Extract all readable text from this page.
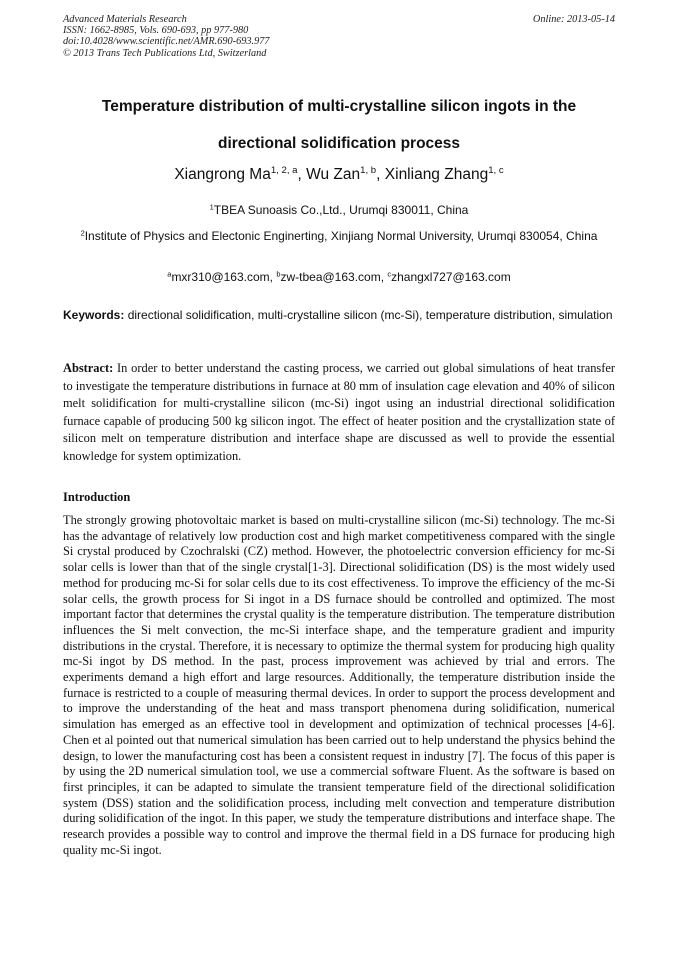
Advanced Materials Research
ISSN: 1662-8985, Vols. 690-693, pp 977-980
doi:10.4028/www.scientific.net/AMR.690-693.977
© 2013 Trans Tech Publications Ltd, Switzerland
Online: 2013-05-14
Temperature distribution of multi-crystalline silicon ingots in the directional solidification process
Xiangrong Ma$^{1, 2, a}$, Wu Zan$^{1, b}$, Xinliang Zhang$^{1, c}$
$^1$TBEA Sunoasis Co.,Ltd., Urumqi 830011, China
$^2$Institute of Physics and Electonic Enginerting, Xinjiang Normal University, Urumqi 830054, China
$^a$mxr310@163.com, $^b$zw-tbea@163.com, $^c$zhangxl727@163.com
Keywords: directional solidification, multi-crystalline silicon (mc-Si), temperature distribution, simulation
Abstract: In order to better understand the casting process, we carried out global simulations of heat transfer to investigate the temperature distributions in furnace at 80 mm of insulation cage elevation and 40% of silicon melt solidification for multi-crystalline silicon (mc-Si) ingot using an industrial directional solidification furnace capable of producing 500 kg silicon ingot. The effect of heater position and the crystallization state of silicon melt on temperature distribution and interface shape are discussed as well to provide the essential knowledge for system optimization.
Introduction
The strongly growing photovoltaic market is based on multi-crystalline silicon (mc-Si) technology. The mc-Si has the advantage of relatively low production cost and high market competitiveness compared with the single Si crystal produced by Czochralski (CZ) method. However, the photoelectric conversion efficiency for mc-Si solar cells is lower than that of the single crystal[1-3]. Directional solidification (DS) is the most widely used method for producing mc-Si for solar cells due to its cost effectiveness. To improve the efficiency of the mc-Si solar cells, the growth process for Si ingot in a DS furnace should be controlled and optimized. The most important factor that determines the crystal quality is the temperature distribution. The temperature distribution influences the Si melt convection, the mc-Si interface shape, and the temperature gradient and impurity distributions in the crystal. Therefore, it is necessary to optimize the thermal system for producing high quality mc-Si ingot by DS method. In the past, process improvement was achieved by trial and errors. The experiments demand a high effort and large resources. Additionally, the temperature distribution inside the furnace is restricted to a couple of measuring thermal devices. In order to support the process development and to improve the understanding of the heat and mass transport phenomena during solidification, numerical simulation has emerged as an effective tool in development and optimization of technical processes [4-6]. Chen et al pointed out that numerical simulation has been carried out to help understand the physics behind the design, to lower the manufacturing cost has been a consistent request in industry [7]. The focus of this paper is by using the 2D numerical simulation tool, we use a commercial software Fluent. As the software is based on first principles, it can be adapted to simulate the transient temperature field of the directional solidification system (DSS) station and the solidification process, including melt convection and temperature distribution during solidification of the ingot. In this paper, we study the temperature distributions and interface shape. The research provides a possible way to control and improve the thermal field in a DS furnace for producing high quality mc-Si ingot.
